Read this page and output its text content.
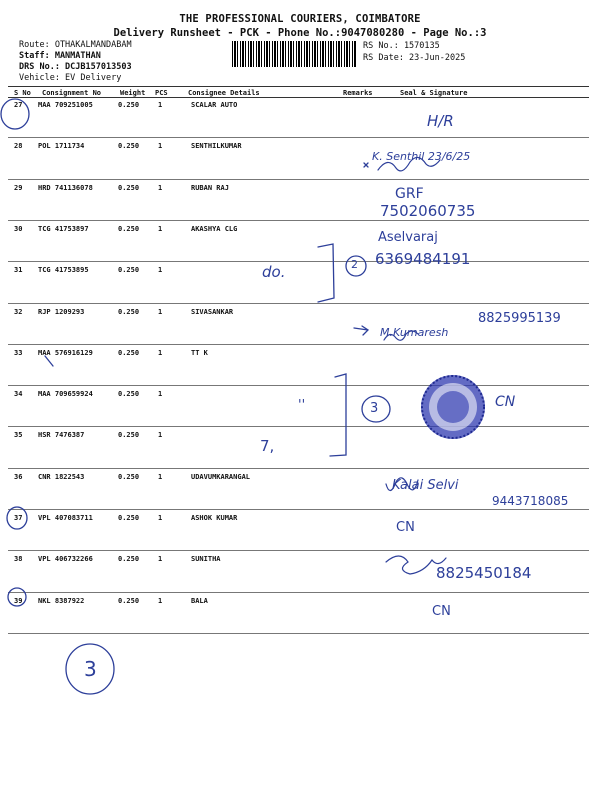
THE PROFESSIONAL COURIERS, COIMBATORE
Delivery Runsheet - PCK - Phone No.:9047080280 - Page No.:3
Route: OTHAKALMANDABAM
Staff: MANMATHAN
DRS No.: DCJB157013503
Vehicle: EV Delivery
RS No.: 1570135
RS Date: 23-Jun-2025
S No Consignment No	Weight PCS	Consignee Details	Remarks	Seal & Signature
27 MAA 709251005	0.250	1	SCALAR AUTO
28 POL 1711734	0.250	1	SENTHILKUMAR
29 HRD 741136078	0.250	1	RUBAN RAJ
30 TCG 41753897	0.250	1	AKASHYA CLG
31 TCG 41753895	0.250	1
32 RJP 1209293	0.250	1	SIVASANKAR
33 MAA 576916129	0.250	1	TT K
34 MAA 709659924	0.250	1
35 HSR 7476387	0.250	1
36 CNR 1822543	0.250	1	UDAVUMKARANGAL
37 VPL 407083711	0.250	1	ASHOK KUMAR
38 VPL 406732266	0.250	1	SUNITHA
39 NKL 8387922	0.250	1	BALA
H/R
K. Senthil 23/6/25
GRF
7502060735
Aselvaraj
6369484191
2
do.
M.Kumaresh
8825995139
''	3	CN
7,
Kalai Selvi
9443718085
CN
8825450184
CN
3
